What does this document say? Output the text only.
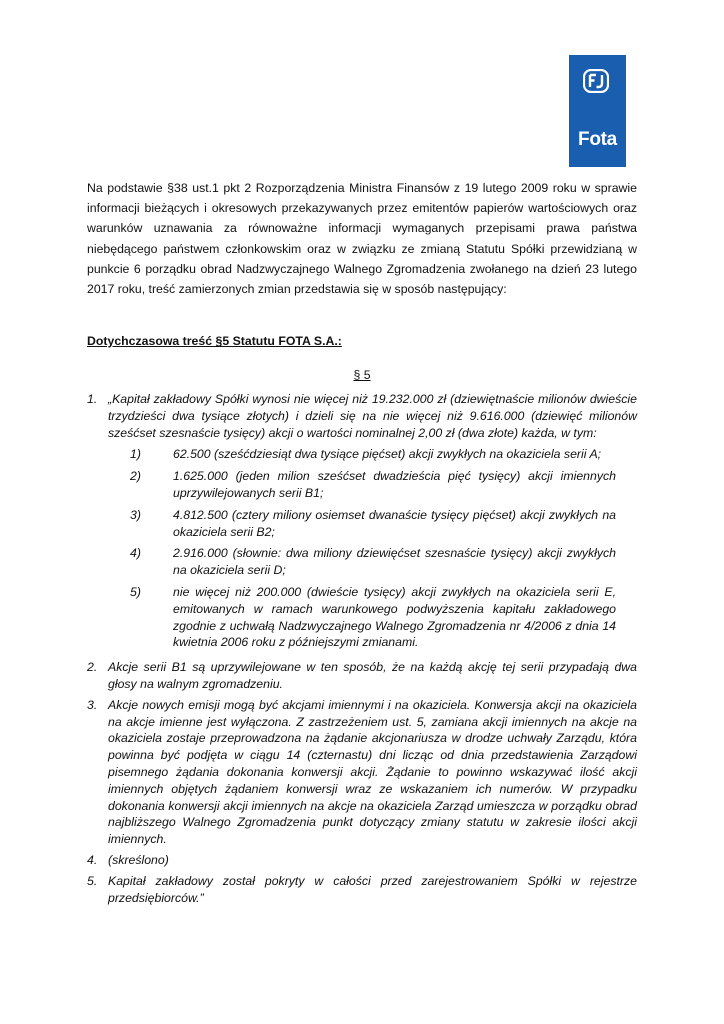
Fota
Na podstawie §38 ust.1 pkt 2 Rozporządzenia Ministra Finansów z 19 lutego 2009 roku w sprawie informacji bieżących i okresowych przekazywanych przez emitentów papierów wartościowych oraz warunków uznawania za równoważne informacji wymaganych przepisami prawa państwa niebędącego państwem członkowskim oraz w związku ze zmianą Statutu Spółki przewidzianą w punkcie 6 porządku obrad Nadzwyczajnego Walnego Zgromadzenia zwołanego na dzień 23 lutego 2017 roku, treść zamierzonych zmian przedstawia się w sposób następujący:
Dotychczasowa treść §5 Statutu FOTA S.A.:
§ 5
1. „Kapitał zakładowy Spółki wynosi nie więcej niż 19.232.000 zł (dziewiętnaście milionów dwieście trzydzieści dwa tysiące złotych) i dzieli się na nie więcej niż 9.616.000 (dziewięć milionów sześćset szesnaście tysięcy) akcji o wartości nominalnej 2,00 zł (dwa złote) każda, w tym:
1)	62.500 (sześćdziesiąt dwa tysiące pięćset) akcji zwykłych na okaziciela serii A;
2)	1.625.000 (jeden milion sześćset dwadzieścia pięć tysięcy) akcji imiennych uprzywilejowanych serii B1;
3)	4.812.500 (cztery miliony osiemset dwanaście tysięcy pięćset) akcji zwykłych na okaziciela serii B2;
4)	2.916.000 (słownie: dwa miliony dziewięćset szesnaście tysięcy) akcji zwykłych na okaziciela serii D;
5)	nie więcej niż 200.000 (dwieście tysięcy) akcji zwykłych na okaziciela serii E, emitowanych w ramach warunkowego podwyższenia kapitału zakładowego zgodnie z uchwałą Nadzwyczajnego Walnego Zgromadzenia nr 4/2006 z dnia 14 kwietnia 2006 roku z późniejszymi zmianami.
2. Akcje serii B1 są uprzywilejowane w ten sposób, że na każdą akcję tej serii przypadają dwa głosy na walnym zgromadzeniu.
3. Akcje nowych emisji mogą być akcjami imiennymi i na okaziciela. Konwersja akcji na okaziciela na akcje imienne jest wyłączona. Z zastrzeżeniem ust. 5, zamiana akcji imiennych na akcje na okaziciela zostaje przeprowadzona na żądanie akcjonariusza w drodze uchwały Zarządu, która powinna być podjęta w ciągu 14 (czternastu) dni licząc od dnia przedstawienia Zarządowi pisemnego żądania dokonania konwersji akcji. Żądanie to powinno wskazywać ilość akcji imiennych objętych żądaniem konwersji wraz ze wskazaniem ich numerów. W przypadku dokonania konwersji akcji imiennych na akcje na okaziciela Zarząd umieszcza w porządku obrad najbliższego Walnego Zgromadzenia punkt dotyczący zmiany statutu w zakresie ilości akcji imiennych.
4. (skreślono)
5. Kapitał zakładowy został pokryty w całości przed zarejestrowaniem Spółki w rejestrze przedsiębiorców.”
